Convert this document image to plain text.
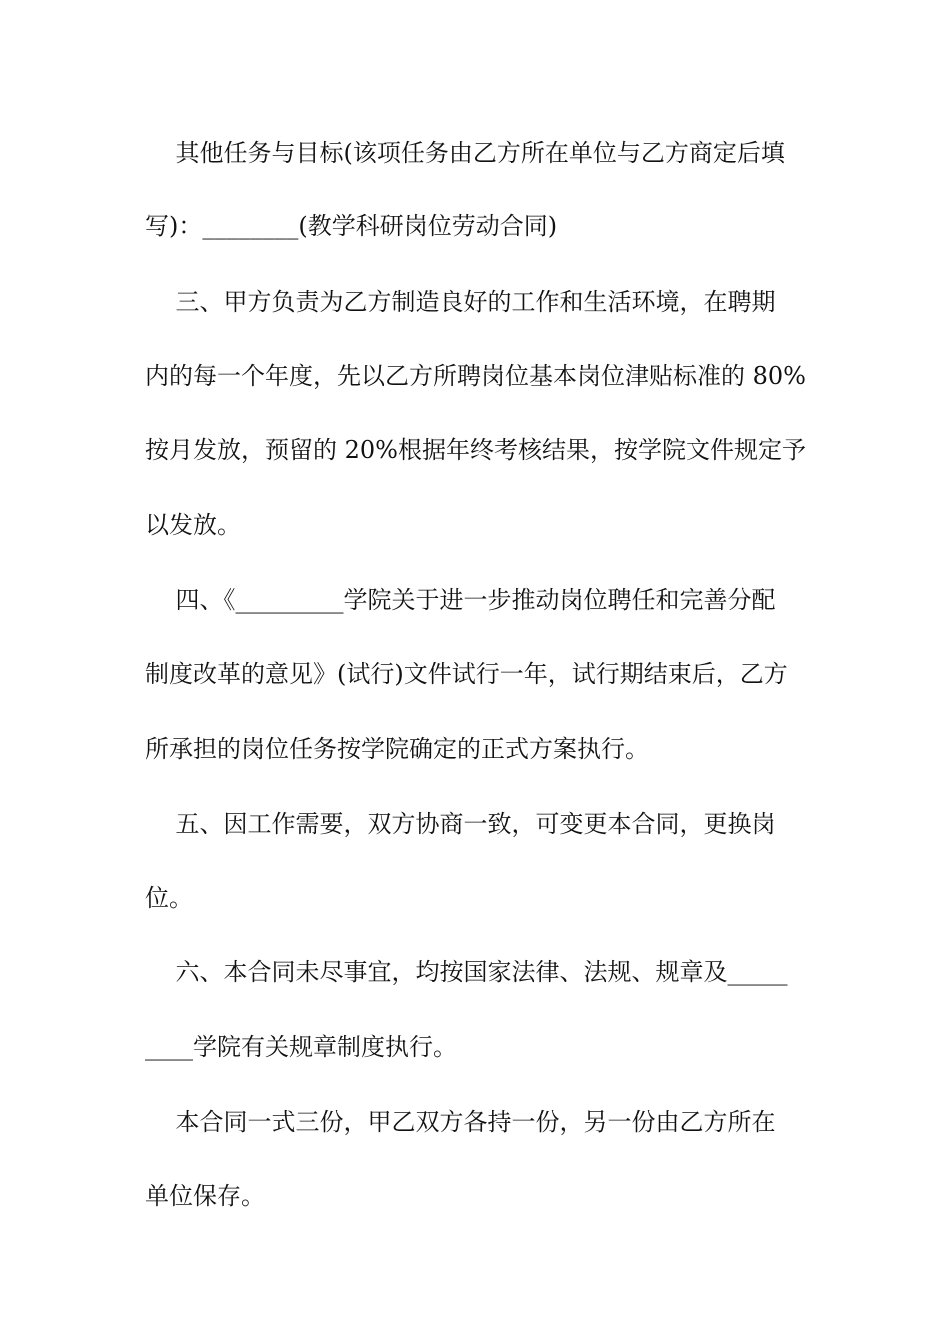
其他任务与目标(该项任务由乙方所在单位与乙方商定后填

写)：________(教学科研岗位劳动合同)

三、甲方负责为乙方制造良好的工作和生活环境，在聘期

内的每一个年度，先以乙方所聘岗位基本岗位津贴标准的 80%

按月发放，预留的 20%根据年终考核结果，按学院文件规定予

以发放。

四、《_________学院关于进一步推动岗位聘任和完善分配

制度改革的意见》(试行)文件试行一年，试行期结束后，乙方

所承担的岗位任务按学院确定的正式方案执行。

五、因工作需要，双方协商一致，可变更本合同，更换岗

位。

六、本合同未尽事宜，均按国家法律、法规、规章及_____

____学院有关规章制度执行。

本合同一式三份，甲乙双方各持一份，另一份由乙方所在

单位保存。
